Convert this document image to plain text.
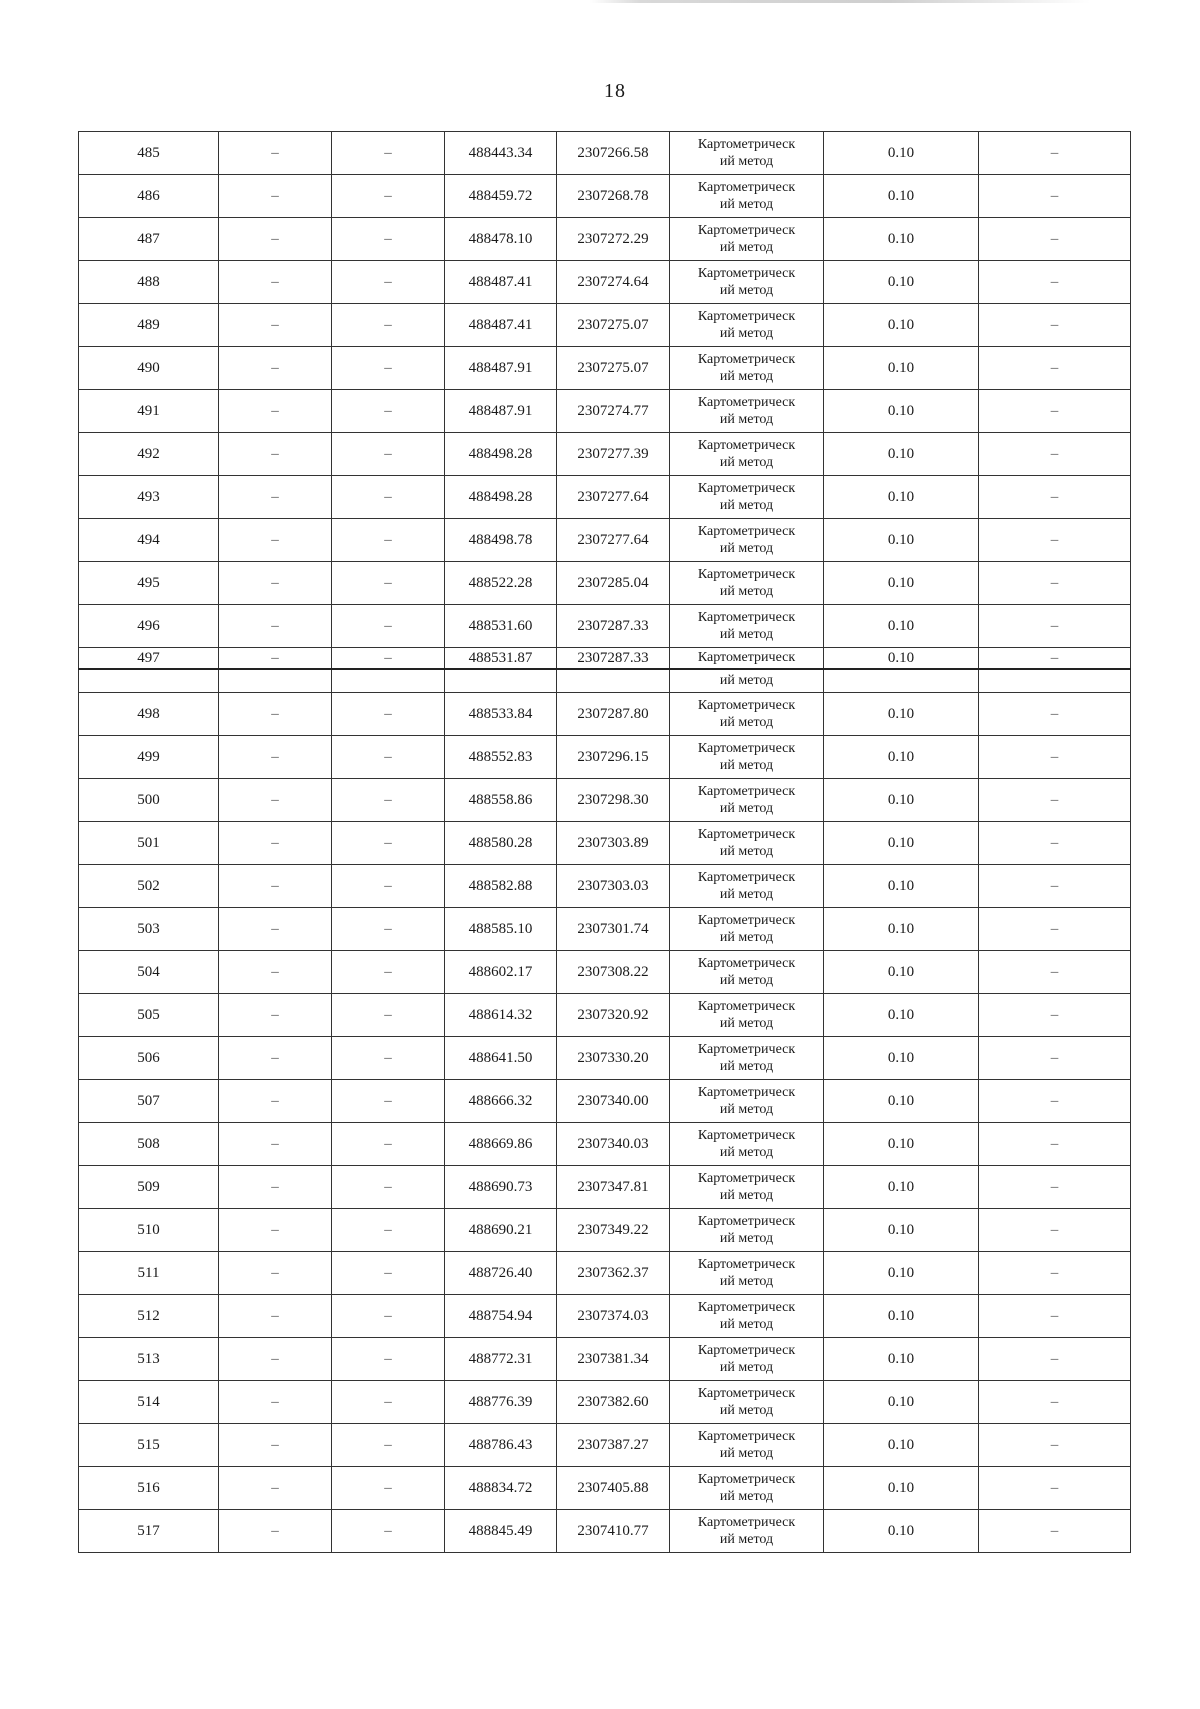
18
485	–	–	488443.34	2307266.58	Картометрическ
ий метод	0.10	–
486	–	–	488459.72	2307268.78	Картометрическ
ий метод	0.10	–
487	–	–	488478.10	2307272.29	Картометрическ
ий метод	0.10	–
488	–	–	488487.41	2307274.64	Картометрическ
ий метод	0.10	–
489	–	–	488487.41	2307275.07	Картометрическ
ий метод	0.10	–
490	–	–	488487.91	2307275.07	Картометрическ
ий метод	0.10	–
491	–	–	488487.91	2307274.77	Картометрическ
ий метод	0.10	–
492	–	–	488498.28	2307277.39	Картометрическ
ий метод	0.10	–
493	–	–	488498.28	2307277.64	Картометрическ
ий метод	0.10	–
494	–	–	488498.78	2307277.64	Картометрическ
ий метод	0.10	–
495	–	–	488522.28	2307285.04	Картометрическ
ий метод	0.10	–
496	–	–	488531.60	2307287.33	Картометрическ
ий метод	0.10	–
497	–	–	488531.87	2307287.33	Картометрическ	0.10	–
					ий метод		
498	–	–	488533.84	2307287.80	Картометрическ
ий метод	0.10	–
499	–	–	488552.83	2307296.15	Картометрическ
ий метод	0.10	–
500	–	–	488558.86	2307298.30	Картометрическ
ий метод	0.10	–
501	–	–	488580.28	2307303.89	Картометрическ
ий метод	0.10	–
502	–	–	488582.88	2307303.03	Картометрическ
ий метод	0.10	–
503	–	–	488585.10	2307301.74	Картометрическ
ий метод	0.10	–
504	–	–	488602.17	2307308.22	Картометрическ
ий метод	0.10	–
505	–	–	488614.32	2307320.92	Картометрическ
ий метод	0.10	–
506	–	–	488641.50	2307330.20	Картометрическ
ий метод	0.10	–
507	–	–	488666.32	2307340.00	Картометрическ
ий метод	0.10	–
508	–	–	488669.86	2307340.03	Картометрическ
ий метод	0.10	–
509	–	–	488690.73	2307347.81	Картометрическ
ий метод	0.10	–
510	–	–	488690.21	2307349.22	Картометрическ
ий метод	0.10	–
511	–	–	488726.40	2307362.37	Картометрическ
ий метод	0.10	–
512	–	–	488754.94	2307374.03	Картометрическ
ий метод	0.10	–
513	–	–	488772.31	2307381.34	Картометрическ
ий метод	0.10	–
514	–	–	488776.39	2307382.60	Картометрическ
ий метод	0.10	–
515	–	–	488786.43	2307387.27	Картометрическ
ий метод	0.10	–
516	–	–	488834.72	2307405.88	Картометрическ
ий метод	0.10	–
517	–	–	488845.49	2307410.77	Картометрическ
ий метод	0.10	–
